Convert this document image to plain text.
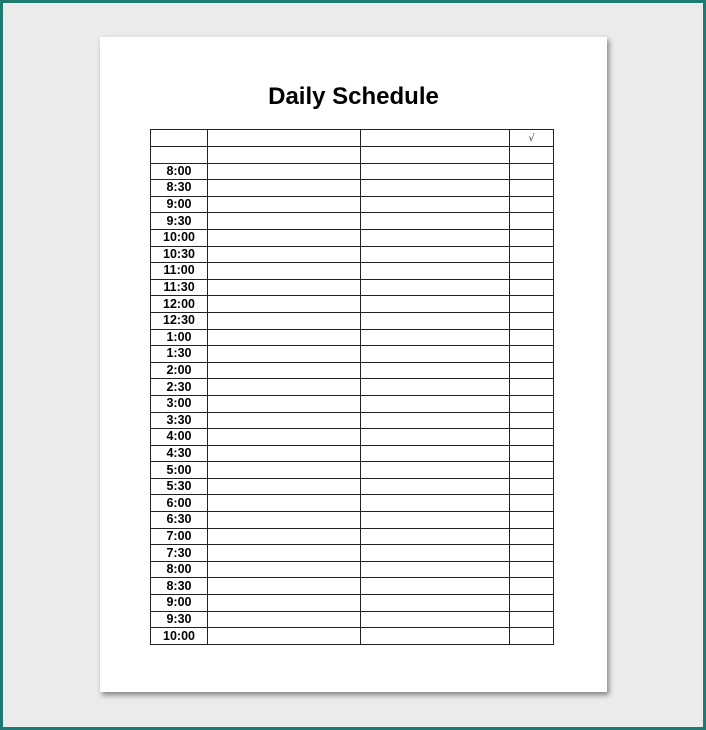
Daily Schedule
			√

8:00			
8:30			
9:00			
9:30			
10:00			
10:30			
11:00			
11:30			
12:00			
12:30			
1:00			
1:30			
2:00			
2:30			
3:00			
3:30			
4:00			
4:30			
5:00			
5:30			
6:00			
6:30			
7:00			
7:30			
8:00			
8:30			
9:00			
9:30			
10:00			
